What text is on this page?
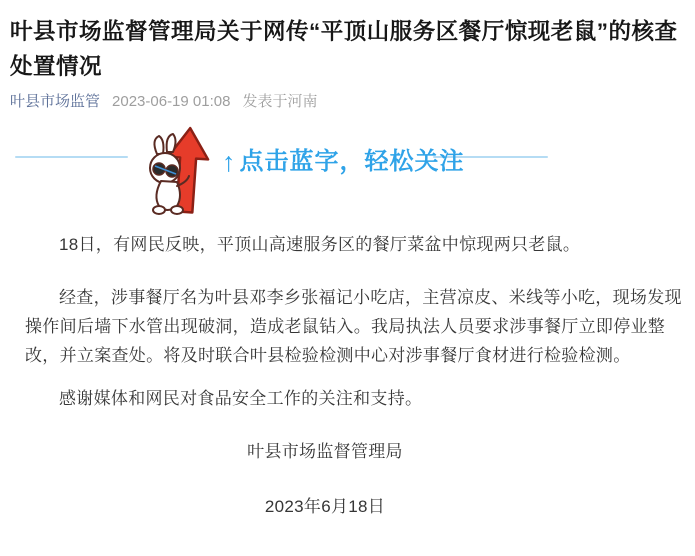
叶县市场监督管理局关于网传“平顶山服务区餐厅惊现老鼠”的核查处置情况
叶县市场监管 2023-06-19 01:08 发表于河南
↑ 点击蓝字，轻松关注

18日，有网民反映，平顶山高速服务区的餐厅菜盆中惊现两只老鼠。

经查，涉事餐厅名为叶县邓李乡张福记小吃店，主营凉皮、米线等小吃，现场发现操作间后墙下水管出现破洞，造成老鼠钻入。我局执法人员要求涉事餐厅立即停业整改，并立案查处。将及时联合叶县检验检测中心对涉事餐厅食材进行检验检测。

感谢媒体和网民对食品安全工作的关注和支持。

叶县市场监督管理局

2023年6月18日
